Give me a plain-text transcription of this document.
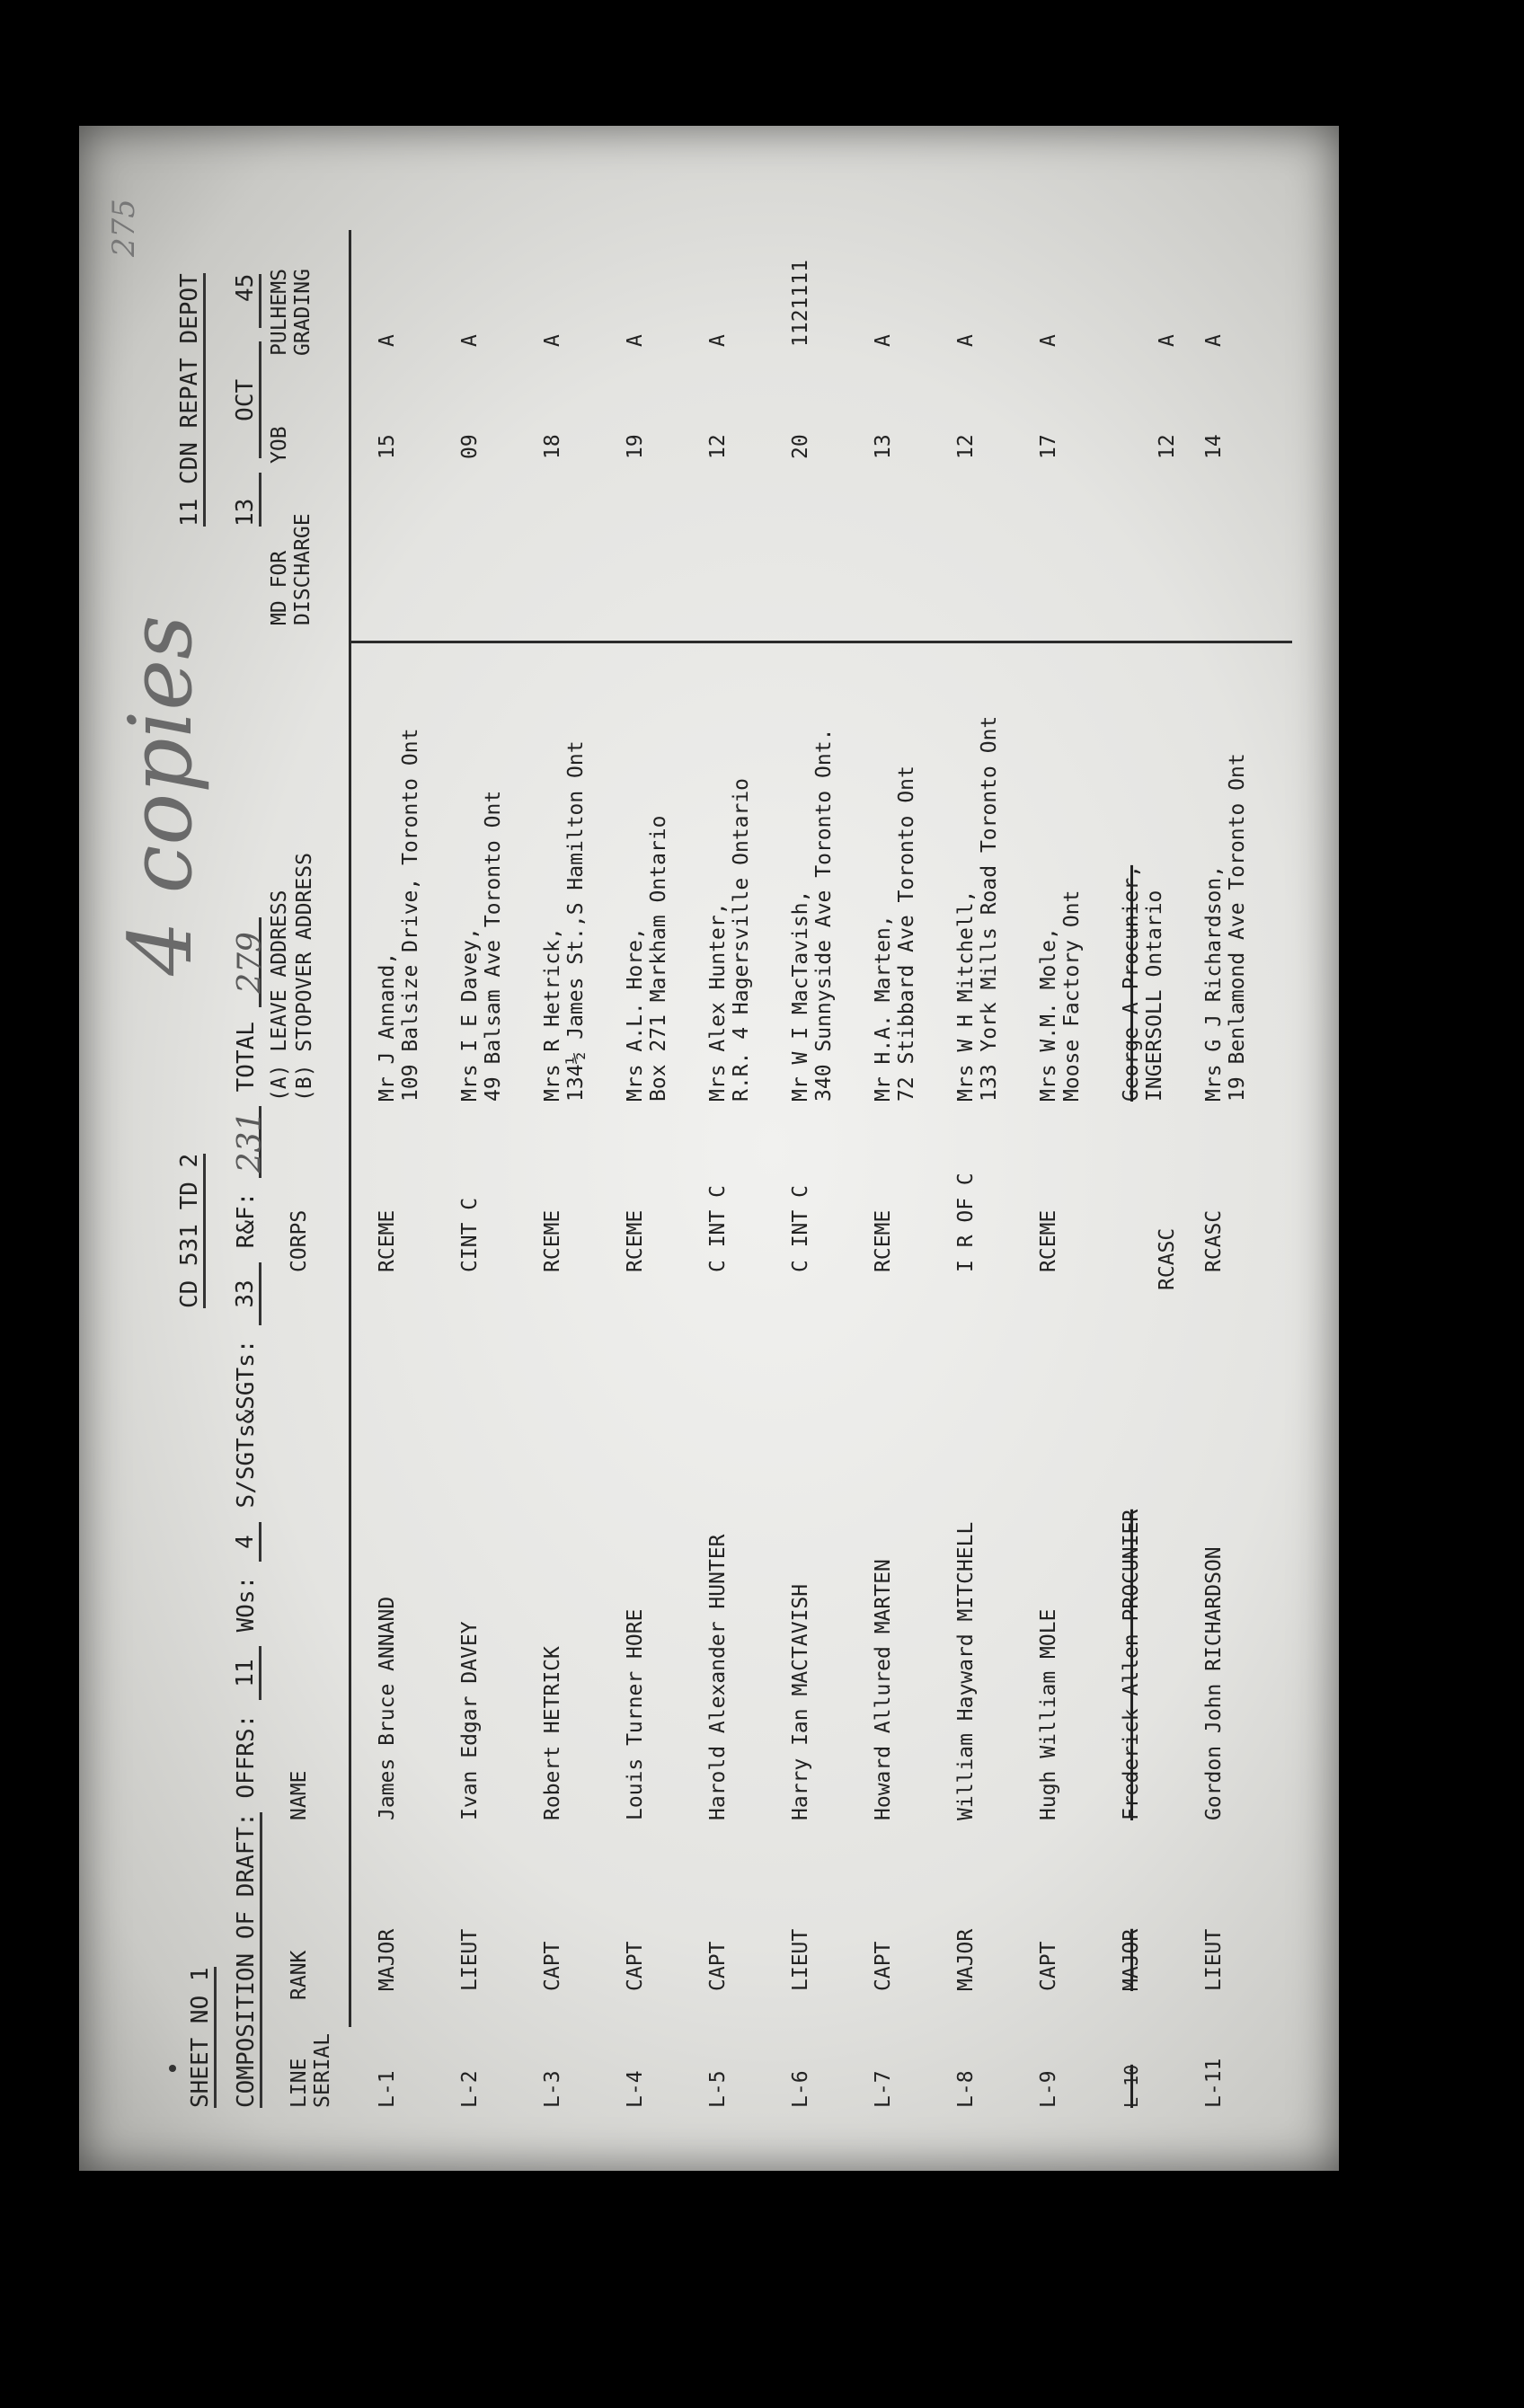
SHEET NO 1
CD 531 TD 2
11 CDN REPAT DEPOT
COMPOSITION OF DRAFT: OFFRS: 11 WOs: 4 S/SGTs&SGTs: 33 R&F: 231 TOTAL 279
13 OCT 45
4 copies
275
LINE SERIAL
RANK
NAME
CORPS
(A) LEAVE ADDRESS (B) STOPOVER ADDRESS
MD FOR DISCHARGE
YOB
PULHEMS GRADING
L-1
MAJOR
James Bruce ANNAND
RCEME
Mr J Annand, 109 Balsize Drive, Toronto Ont
15
A
L-2
LIEUT
Ivan Edgar DAVEY
CINT C
Mrs I E Davey, 49 Balsam Ave Toronto Ont
09
A
L-3
CAPT
Robert HETRICK
RCEME
Mrs R Hetrick, 134½ James St.,S Hamilton Ont
18
A
L-4
CAPT
Louis Turner HORE
RCEME
Mrs A.L. Hore, Box 271 Markham Ontario
19
A
L-5
CAPT
Harold Alexander HUNTER
C INT C
Mrs Alex Hunter, R.R. 4 Hagersville Ontario
12
A
L-6
LIEUT
Harry Ian MACTAVISH
C INT C
Mr W I MacTavish, 340 Sunnyside Ave Toronto Ont.
20
1121111
L-7
CAPT
Howard Allured MARTEN
RCEME
Mr H.A. Marten, 72 Stibbard Ave Toronto Ont
13
A
L-8
MAJOR
William Hayward MITCHELL
I R OF C
Mrs W H Mitchell, 133 York Mills Road Toronto Ont
12
A
L-9
CAPT
Hugh William MOLE
RCEME
Mrs W.M. Mole, Moose Factory Ont
17
A
L-10
MAJOR
Frederick Allen PROCUNIER
RCASC
George A Procunier, INGERSOLL Ontario
12
A
L-11
LIEUT
Gordon John RICHARDSON
RCASC
Mrs G J Richardson, 19 Benlamond Ave Toronto Ont
14
A
